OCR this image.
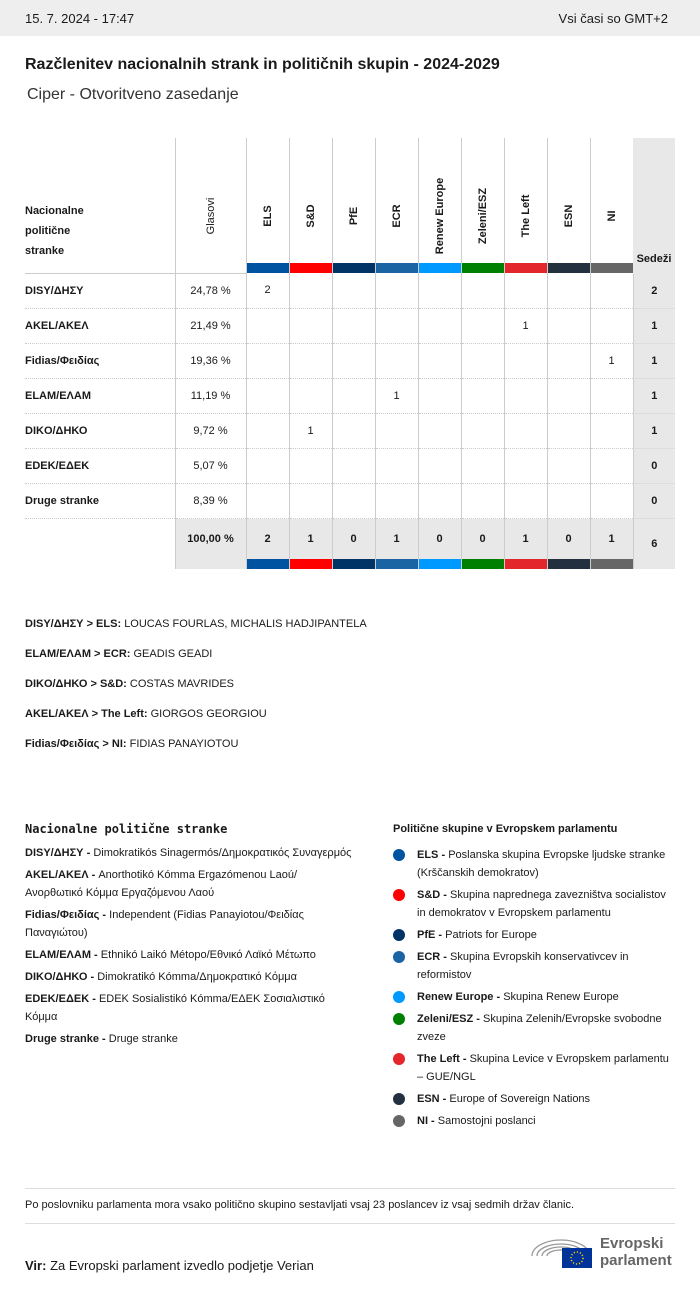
15. 7. 2024 - 17:47	Vsi časi so GMT+2
Razčlenitev nacionalnih strank in političnih skupin - 2024-2029
Ciper - Otvoritveno zasedanje
Nacionalne politične stranke	Glasovi	ELS	S&D	PfE	ECR	Renew Europe	Zeleni/ESZ	The Left	ESN	NI	Sedeži
DISY/ΔΗΣΥ	24,78 %	2									2
AKEL/ΑΚΕΛ	21,49 %							1			1
Fidias/Φειδίας	19,36 %									1	1
ELAM/ΕΛΑΜ	11,19 %				1						1
DIKO/ΔΗΚΟ	9,72 %		1								1
EDEK/ΕΔΕΚ	5,07 %										0
Druge stranke	8,39 %										0
	100,00 %	2	1	0	1	0	0	1	0	1	6
DISY/ΔΗΣΥ > ELS: LOUCAS FOURLAS, MICHALIS HADJIPANTELA
ELAM/ΕΛΑΜ > ECR: GEADIS GEADI
DIKO/ΔΗΚΟ > S&D: COSTAS MAVRIDES
AKEL/ΑΚΕΛ > The Left: GIORGOS GEORGIOU
Fidias/Φειδίας > NI: FIDIAS PANAYIOTOU
Nacionalne politične stranke

DISY/ΔΗΣΥ - Dimokratikós Sinagermós/Δημοκρατικός Συναγερμός

AKEL/ΑΚΕΛ - Anorthotikó Kómma Ergazómenou Laoú/ Ανορθωτικό Κόμμα Εργαζόμενου Λαού

Fidias/Φειδίας - Independent (Fidias Panayiotou/Φειδίας Παναγιώτου)

ELAM/ΕΛΑΜ - Ethnikó Laikó Métopo/Εθνικό Λαϊκό Μέτωπο

DIKO/ΔΗΚΟ - Dimokratikó Kómma/Δημοκρατικό Κόμμα

EDEK/ΕΔΕΚ - EDEK Sosialistikó Kómma/ΕΔΕΚ Σοσιαλιστικό Κόμμα

Druge stranke - Druge stranke

Politične skupine v Evropskem parlamentu
ELS - Poslanska skupina Evropske ljudske stranke (Krščanskih demokratov)
S&D - Skupina naprednega zavezništva socialistov in demokratov v Evropskem parlamentu
PfE - Patriots for Europe
ECR - Skupina Evropskih konservativcev in reformistov
Renew Europe - Skupina Renew Europe
Zeleni/ESZ - Skupina Zelenih/Evropske svobodne zveze
The Left - Skupina Levice v Evropskem parlamentu – GUE/NGL
ESN - Europe of Sovereign Nations
NI - Samostojni poslanci
Po poslovniku parlamenta mora vsako politično skupino sestavljati vsaj 23 poslancev iz vsaj sedmih držav članic.
Vir: Za Evropski parlament izvedlo podjetje Verian
Evropski
parlament
